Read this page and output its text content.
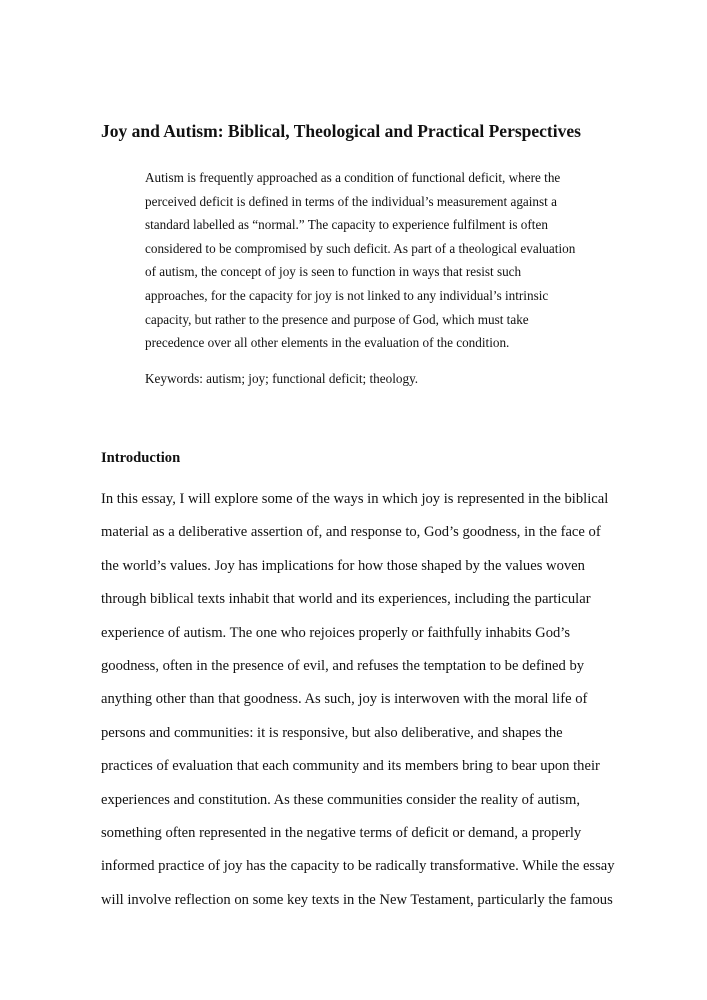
Joy and Autism: Biblical, Theological and Practical Perspectives
Autism is frequently approached as a condition of functional deficit, where the
perceived deficit is defined in terms of the individual’s measurement against a
standard labelled as “normal.” The capacity to experience fulfilment is often
considered to be compromised by such deficit. As part of a theological evaluation
of autism, the concept of joy is seen to function in ways that resist such
approaches, for the capacity for joy is not linked to any individual’s intrinsic
capacity, but rather to the presence and purpose of God, which must take
precedence over all other elements in the evaluation of the condition.
Keywords: autism; joy; functional deficit; theology.
Introduction
In this essay, I will explore some of the ways in which joy is represented in the biblical
material as a deliberative assertion of, and response to, God’s goodness, in the face of
the world’s values. Joy has implications for how those shaped by the values woven
through biblical texts inhabit that world and its experiences, including the particular
experience of autism. The one who rejoices properly or faithfully inhabits God’s
goodness, often in the presence of evil, and refuses the temptation to be defined by
anything other than that goodness. As such, joy is interwoven with the moral life of
persons and communities: it is responsive, but also deliberative, and shapes the
practices of evaluation that each community and its members bring to bear upon their
experiences and constitution. As these communities consider the reality of autism,
something often represented in the negative terms of deficit or demand, a properly
informed practice of joy has the capacity to be radically transformative. While the essay
will involve reflection on some key texts in the New Testament, particularly the famous
